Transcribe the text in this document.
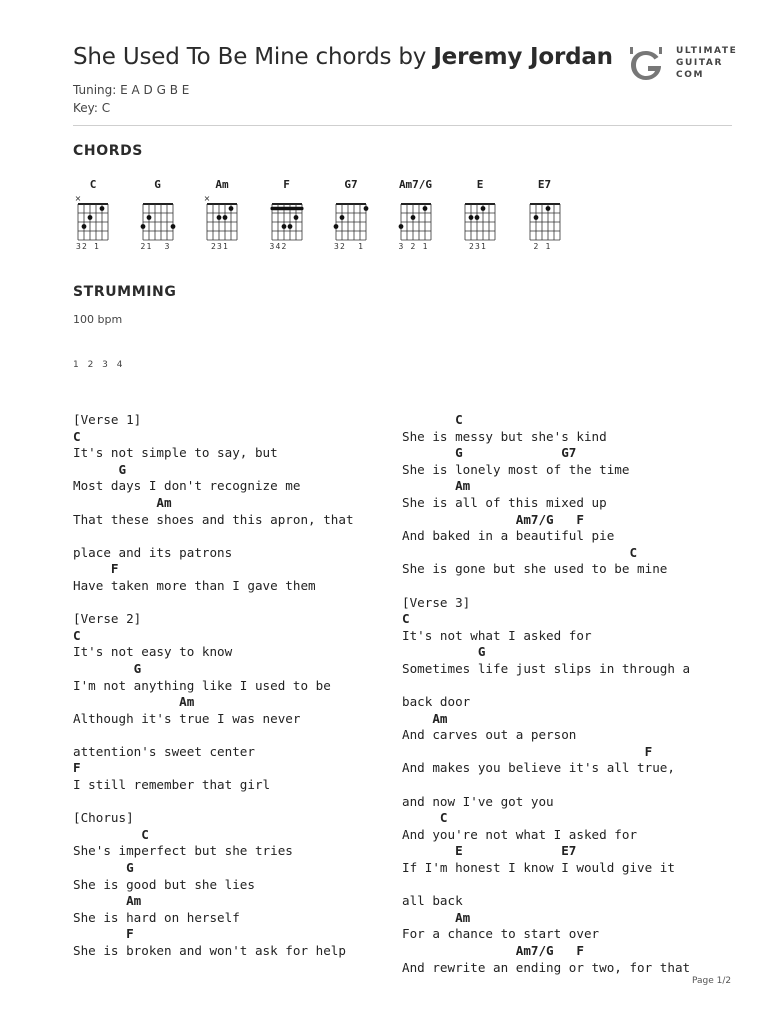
She Used To Be Mine chords by Jeremy Jordan
Tuning: E A D G B E
Key: C
ULTIMATE
GUITAR
COM
CHORDS
C
×
32 1
G
21  3
Am
×
231
F
342
G7
32  1
Am7/G
3 2 1
E
231
E7
2 1
STRUMMING
100 bpm
1 2 3 4
[Verse 1]
C
It's not simple to say, but
G
Most days I don't recognize me
Am
That these shoes and this apron, that
place and its patrons
F
Have taken more than I gave them
[Verse 2]
C
It's not easy to know
G
I'm not anything like I used to be
Am
Although it's true I was never
attention's sweet center
F
I still remember that girl
[Chorus]
C
She's imperfect but she tries
G
She is good but she lies
Am
She is hard on herself
F
She is broken and won't ask for help
C
She is messy but she's kind
G             G7
She is lonely most of the time
Am
She is all of this mixed up
Am7/G   F
And baked in a beautiful pie
C
She is gone but she used to be mine
[Verse 3]
C
It's not what I asked for
G
Sometimes life just slips in through a
back door
Am
And carves out a person
F
And makes you believe it's all true,
and now I've got you
C
And you're not what I asked for
E             E7
If I'm honest I know I would give it
all back
Am
For a chance to start over
Am7/G   F
And rewrite an ending or two, for that
Page 1/2
